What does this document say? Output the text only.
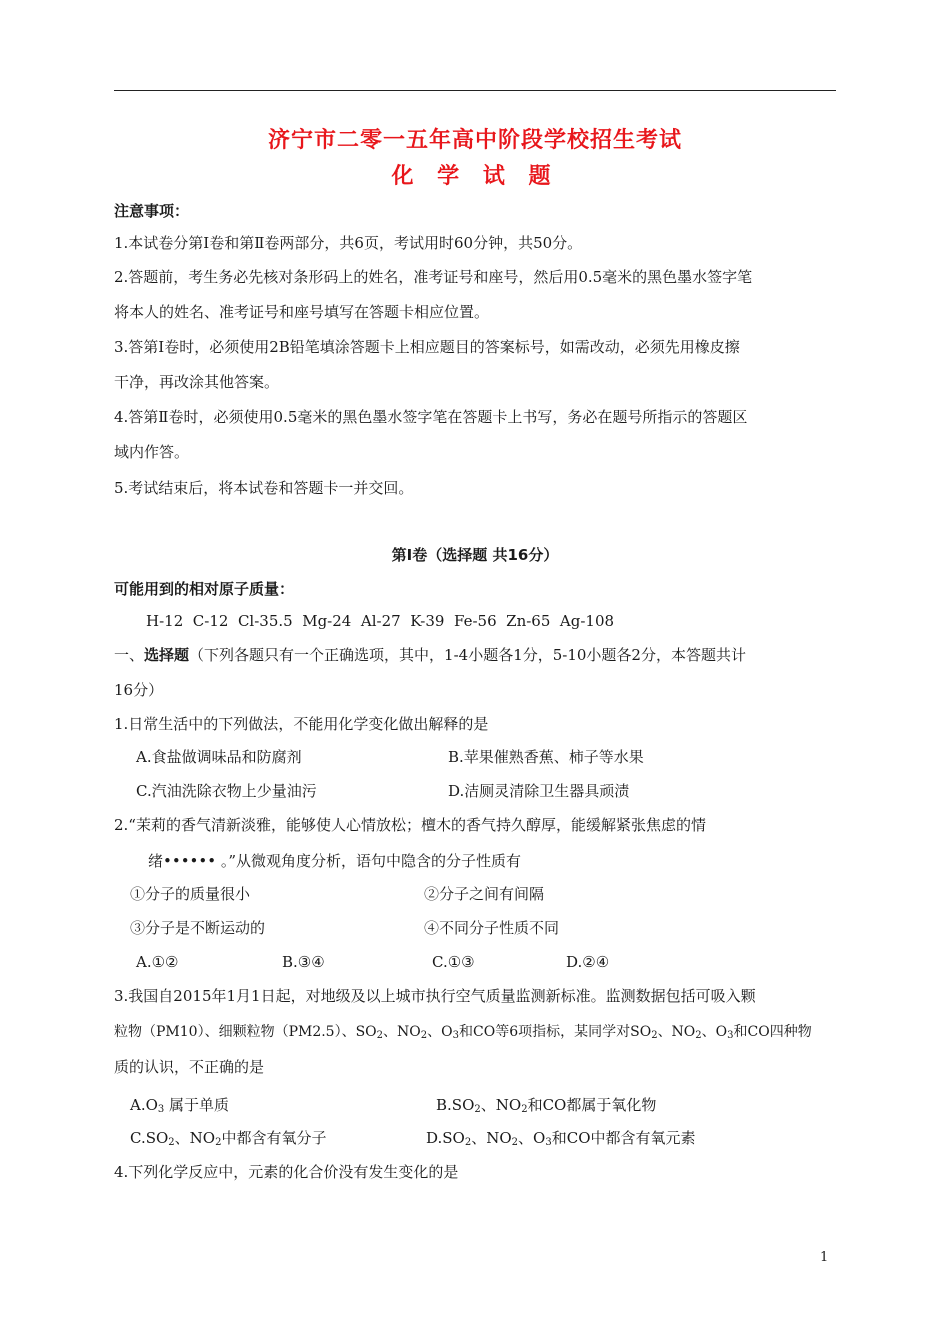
济宁市二零一五年高中阶段学校招生考试
化 学 试 题
注意事项：
1.本试卷分第Ⅰ卷和第Ⅱ卷两部分，共6页，考试用时60分钟，共50分。
2.答题前，考生务必先核对条形码上的姓名，准考证号和座号，然后用0.5毫米的黑色墨水签字笔
将本人的姓名、准考证号和座号填写在答题卡相应位置。
3.答第Ⅰ卷时，必须使用2B铅笔填涂答题卡上相应题目的答案标号，如需改动，必须先用橡皮擦
干净，再改涂其他答案。
4.答第Ⅱ卷时，必须使用0.5毫米的黑色墨水签字笔在答题卡上书写，务必在题号所指示的答题区
域内作答。
5.考试结束后，将本试卷和答题卡一并交回。
第Ⅰ卷（选择题 共16分）
可能用到的相对原子质量：
H-12  C-12  Cl-35.5  Mg-24  Al-27  K-39  Fe-56  Zn-65  Ag-108
一、选择题（下列各题只有一个正确选项，其中，1-4小题各1分，5-10小题各2分，本答题共计
16分）
1.日常生活中的下列做法，不能用化学变化做出解释的是
A.食盐做调味品和防腐剂	B.苹果催熟香蕉、柿子等水果
C.汽油洗除衣物上少量油污	D.洁厕灵清除卫生器具顽渍
2.“茉莉的香气清新淡雅，能够使人心情放松；檀木的香气持久醇厚，能缓解紧张焦虑的情
绪•••••• 。”从微观角度分析，语句中隐含的分子性质有
①分子的质量很小	②分子之间有间隔
③分子是不断运动的	④不同分子性质不同
A.①②	B.③④	C.①③	D.②④
3.我国自2015年1月1日起，对地级及以上城市执行空气质量监测新标准。监测数据包括可吸入颗
粒物（PM10）、细颗粒物（PM2.5）、$SO_2$、$NO_2$、$O_3$和CO等6项指标，某同学对$SO_2$、$NO_2$、$O_3$和CO四种物
质的认识，不正确的是
$A.O_3$ 属于单质	$B.SO_2$、$NO_2$和CO都属于氧化物
$C.SO_2$、$NO_2$中都含有氧分子	$D.SO_2$、$NO_2$、$O_3$和CO中都含有氧元素
4.下列化学反应中，元素的化合价没有发生变化的是
1
